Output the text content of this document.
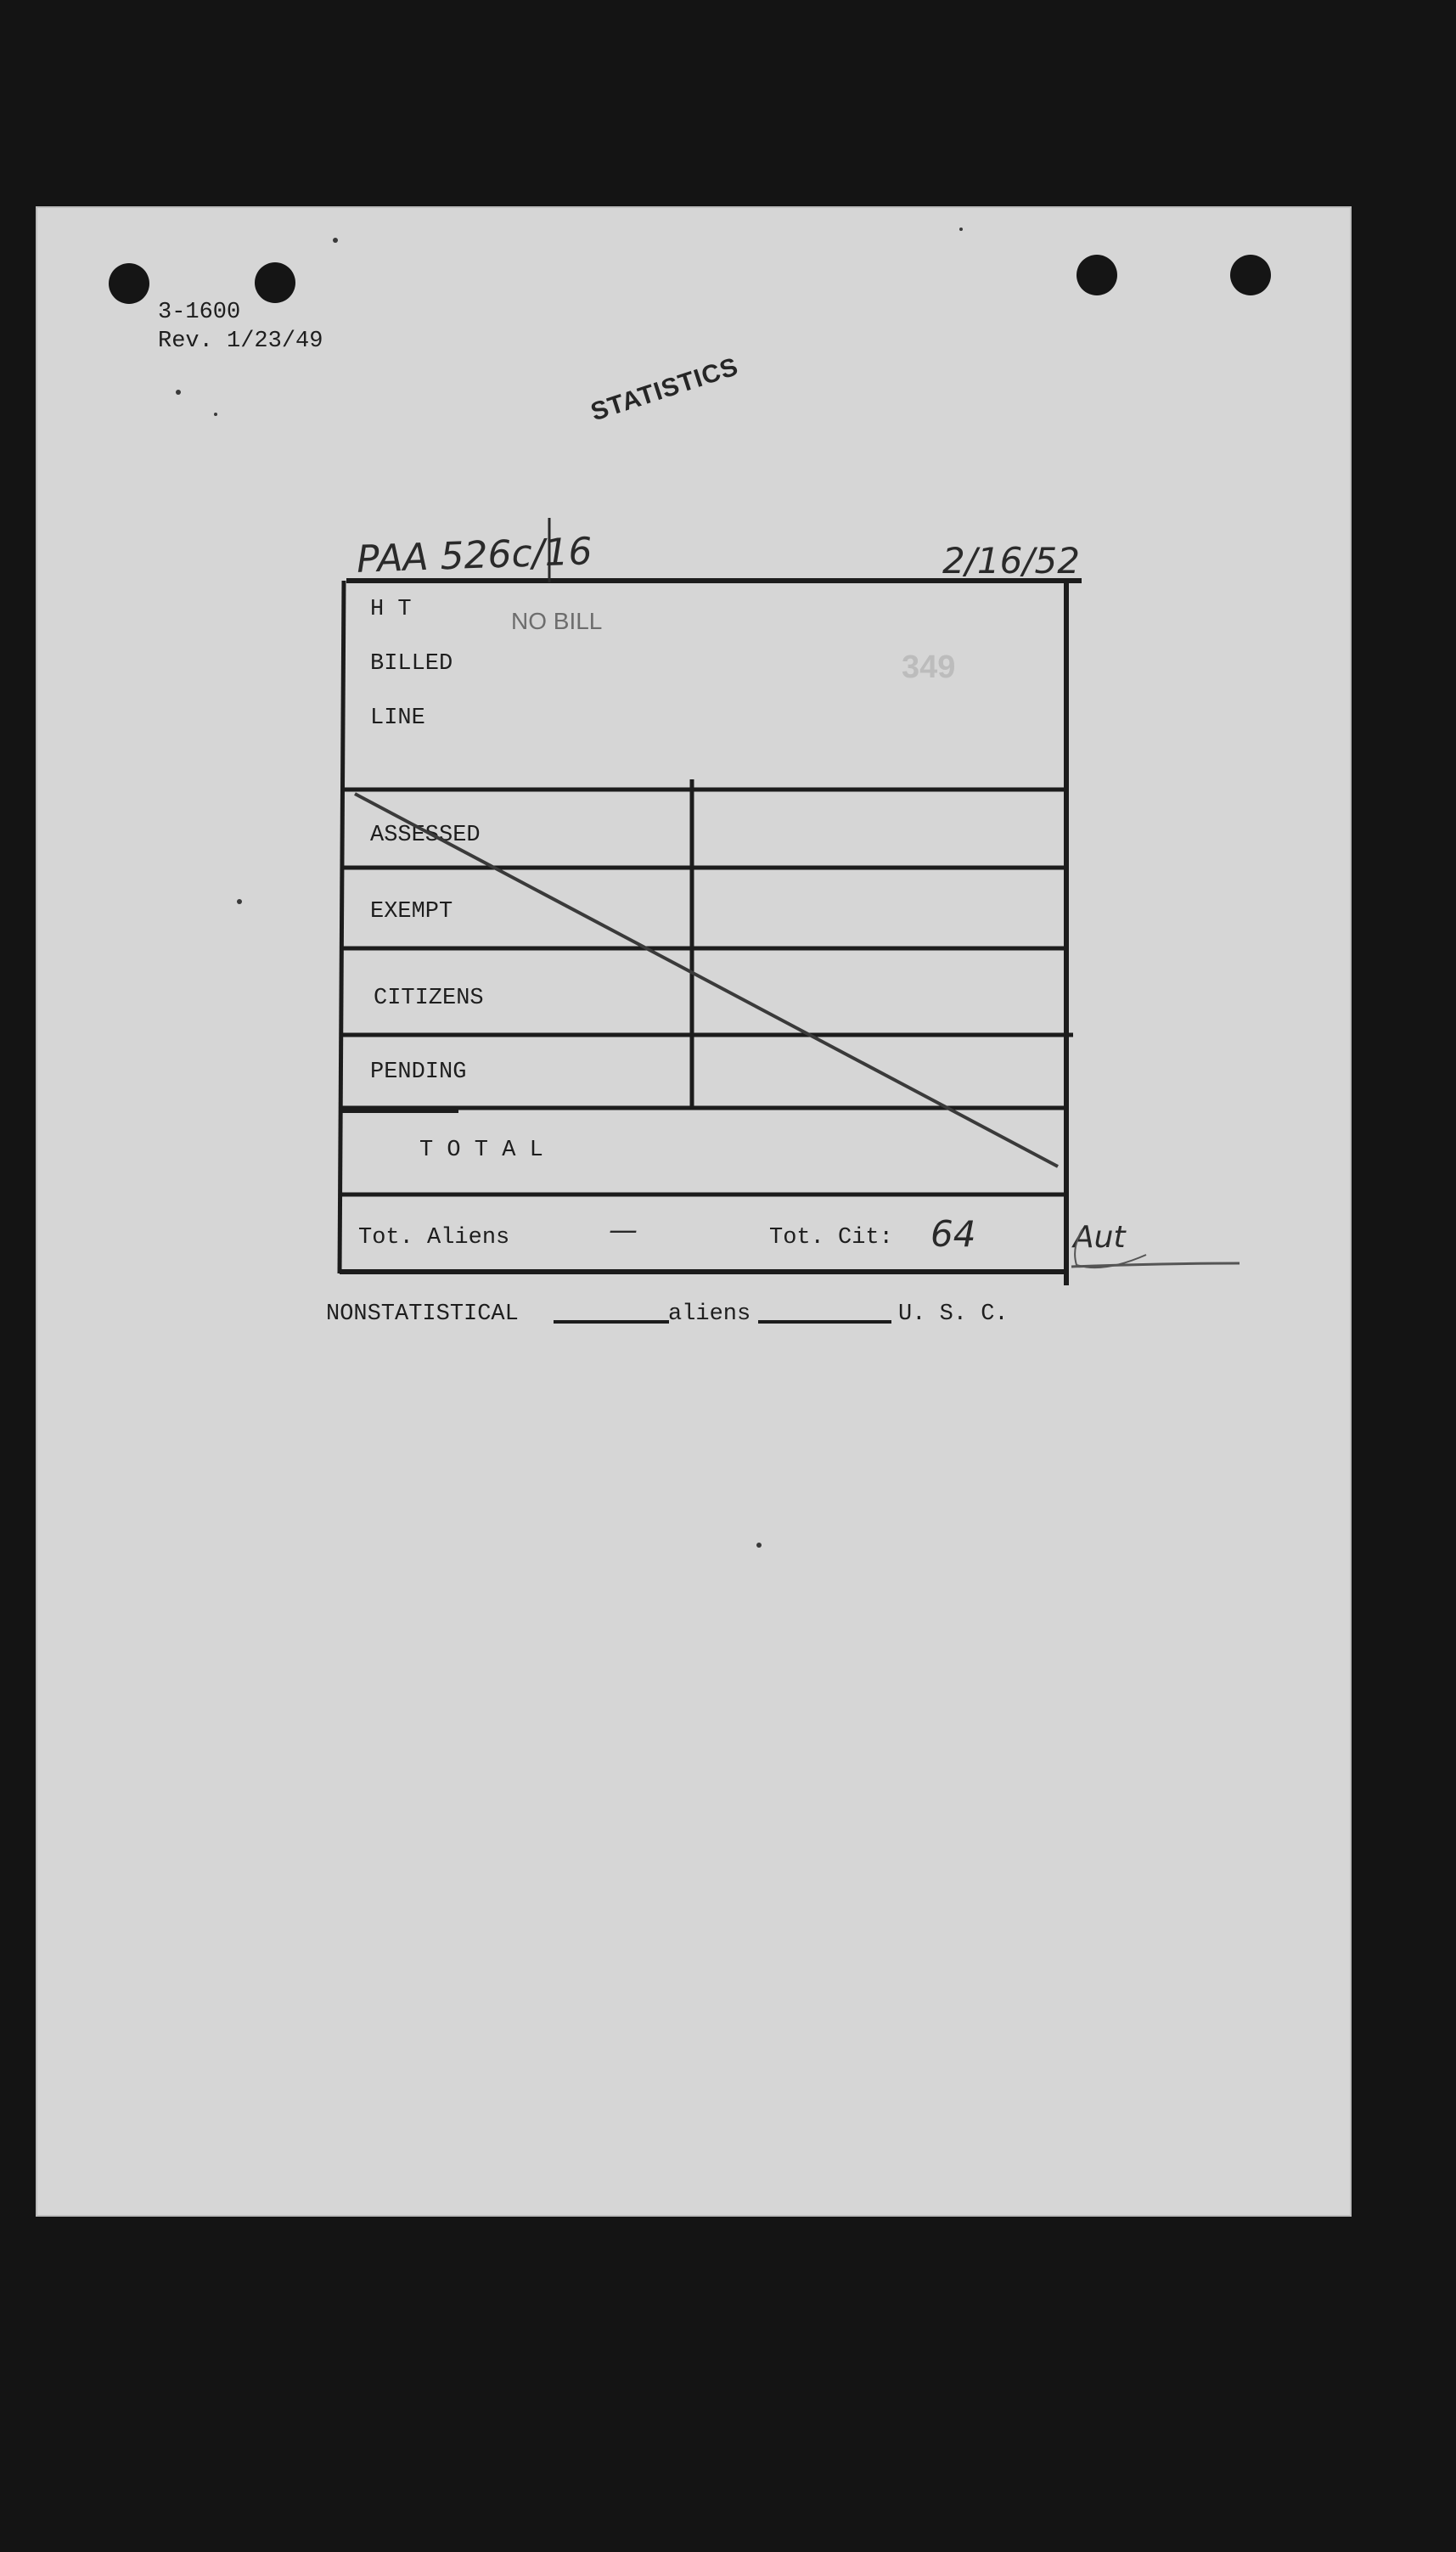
3-1600
Rev. 1/23/49
STATISTICS
PAA 526c/16	2/16/52
H T
BILLED
LINE
NO BILL
349
ASSESSED
EXEMPT
CITIZENS
PENDING
T O T A L
Tot. Aliens	—	Tot. Cit: 64	Aut
NONSTATISTICAL	aliens	U. S. C.
